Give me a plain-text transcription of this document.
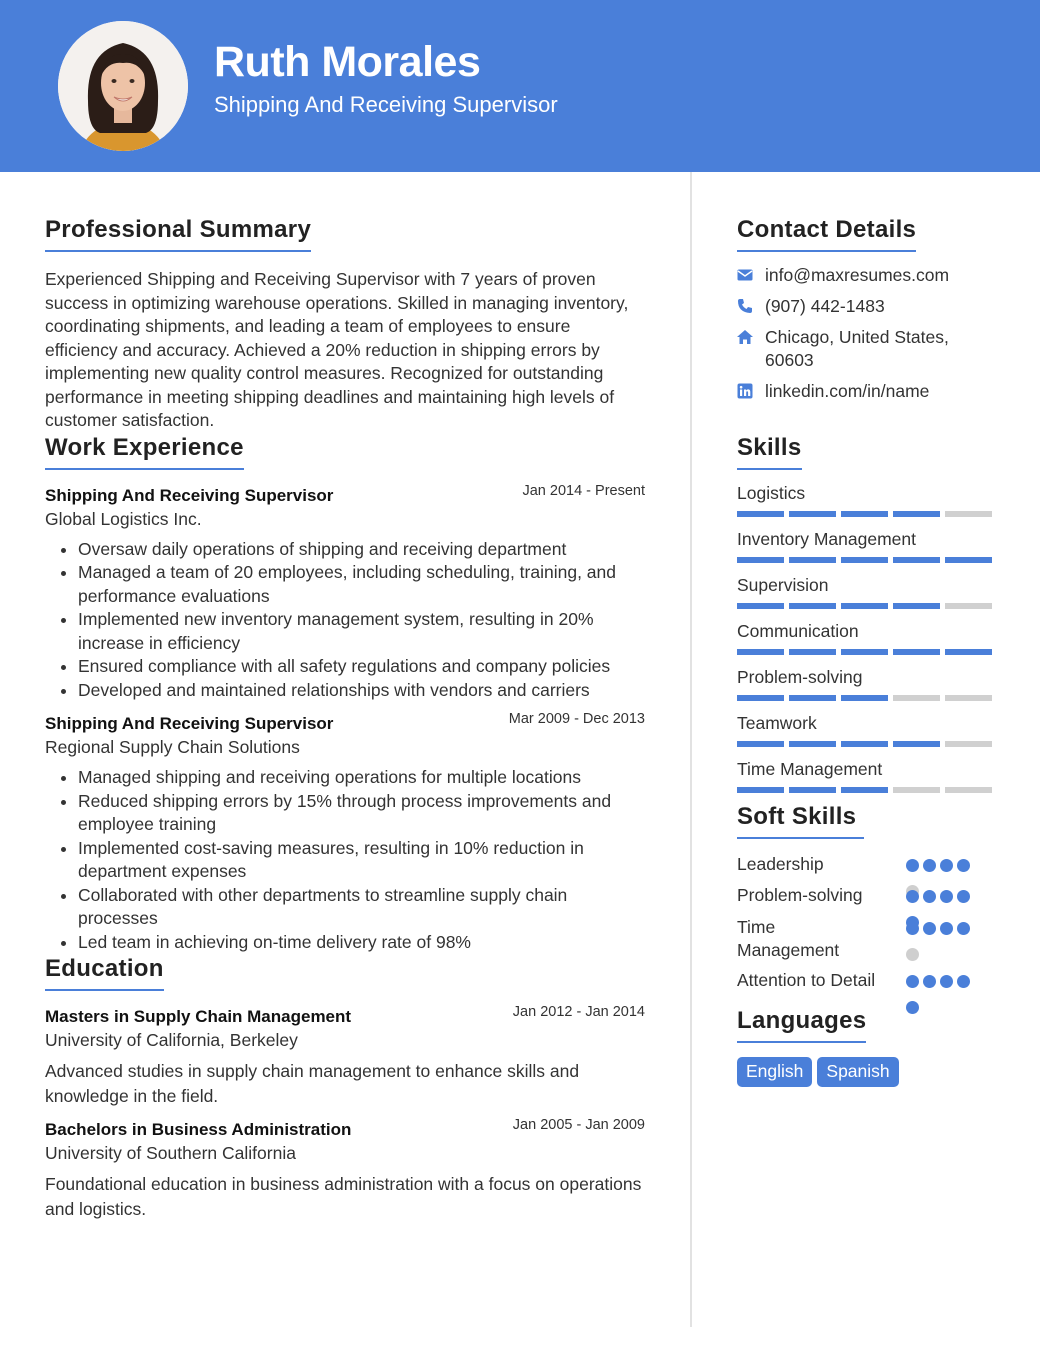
Ruth Morales
Shipping And Receiving Supervisor
Professional Summary

Experienced Shipping and Receiving Supervisor with 7 years of proven success in optimizing warehouse operations. Skilled in managing inventory, coordinating shipments, and leading a team of employees to ensure efficiency and accuracy. Achieved a 20% reduction in shipping errors by implementing new quality control measures. Recognized for outstanding performance in meeting shipping deadlines and maintaining high levels of customer satisfaction.

Work Experience
Shipping And Receiving Supervisor	Jan 2014 - Present
Global Logistics Inc.
• Oversaw daily operations of shipping and receiving department
• Managed a team of 20 employees, including scheduling, training, and performance evaluations
• Implemented new inventory management system, resulting in 20% increase in efficiency
• Ensured compliance with all safety regulations and company policies
• Developed and maintained relationships with vendors and carriers
Shipping And Receiving Supervisor	Mar 2009 - Dec 2013
Regional Supply Chain Solutions
• Managed shipping and receiving operations for multiple locations
• Reduced shipping errors by 15% through process improvements and employee training
• Implemented cost-saving measures, resulting in 10% reduction in department expenses
• Collaborated with other departments to streamline supply chain processes
• Led team in achieving on-time delivery rate of 98%
Education
Masters in Supply Chain Management	Jan 2012 - Jan 2014
University of California, Berkeley
Advanced studies in supply chain management to enhance skills and knowledge in the field.
Bachelors in Business Administration	Jan 2005 - Jan 2009
University of Southern California
Foundational education in business administration with a focus on operations and logistics.
Contact Details
info@maxresumes.com
(907) 442-1483
Chicago, United States, 60603
linkedin.com/in/name
Skills
Logistics
Inventory Management
Supervision
Communication
Problem-solving
Teamwork
Time Management
Soft Skills
Leadership
Problem-solving
Time Management
Attention to Detail
Languages
English Spanish
